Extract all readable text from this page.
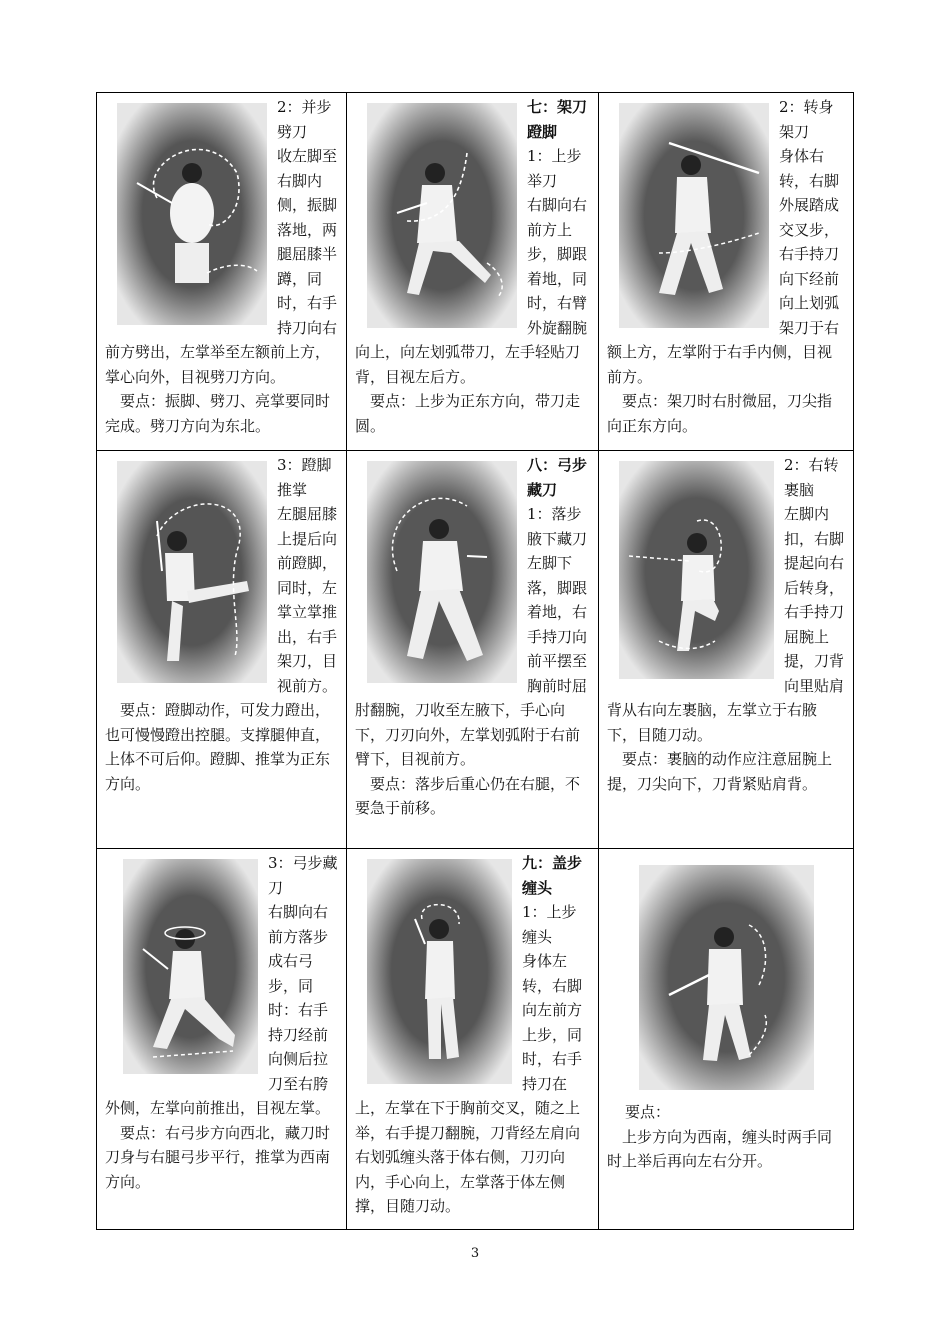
2：并步劈刀
收左脚至右脚内侧，振脚落地，两腿屈膝半蹲，同时，右手持刀向右前方劈出，左掌举至左额前上方，掌心向外，目视劈刀方向。
要点：振脚、劈刀、亮掌要同时完成。劈刀方向为东北。
七：架刀蹬脚
1：上步举刀
右脚向右前方上步，脚跟着地，同时，右臂外旋翻腕向上，向左划弧带刀，左手轻贴刀背，目视左后方。
要点：上步为正东方向，带刀走圆。
2：转身架刀
身体右转，右脚外展踏成交叉步，右手持刀向下经前向上划弧架刀于右额上方，左掌附于右手内侧，目视前方。
要点：架刀时右肘微屈，刀尖指向正东方向。
3：蹬脚推掌
左腿屈膝上提后向前蹬脚，同时，左掌立掌推出，右手架刀，目视前方。
要点：蹬脚动作，可发力蹬出，也可慢慢蹬出控腿。支撑腿伸直，上体不可后仰。蹬脚、推掌为正东方向。
八：弓步藏刀
1：落步腋下藏刀
左脚下落，脚跟着地，右手持刀向前平摆至胸前时屈肘翻腕，刀收至左腋下，手心向下，刀刃向外，左掌划弧附于右前臂下，目视前方。
要点：落步后重心仍在右腿，不要急于前移。
2：右转裹脑
左脚内扣，右脚提起向右后转身，右手持刀屈腕上提，刀背向里贴肩背从右向左裹脑，左掌立于右腋下，目随刀动。
要点：裹脑的动作应注意屈腕上提，刀尖向下，刀背紧贴肩背。
3：弓步藏刀
右脚向右前方落步成右弓步，同时：右手持刀经前向侧后拉刀至右胯外侧，左掌向前推出，目视左掌。
要点：右弓步方向西北，藏刀时刀身与右腿弓步平行，推掌为西南方向。
九：盖步缠头
1：上步缠头
身体左转，右脚向左前方上步，同时，右手持刀在上，左掌在下于胸前交叉，随之上举，右手提刀翻腕，刀背经左肩向右划弧缠头落于体右侧，刀刃向内，手心向上，左掌落于体左侧撑，目随刀动。
要点：
上步方向为西南，缠头时两手同时上举后再向左右分开。
3
